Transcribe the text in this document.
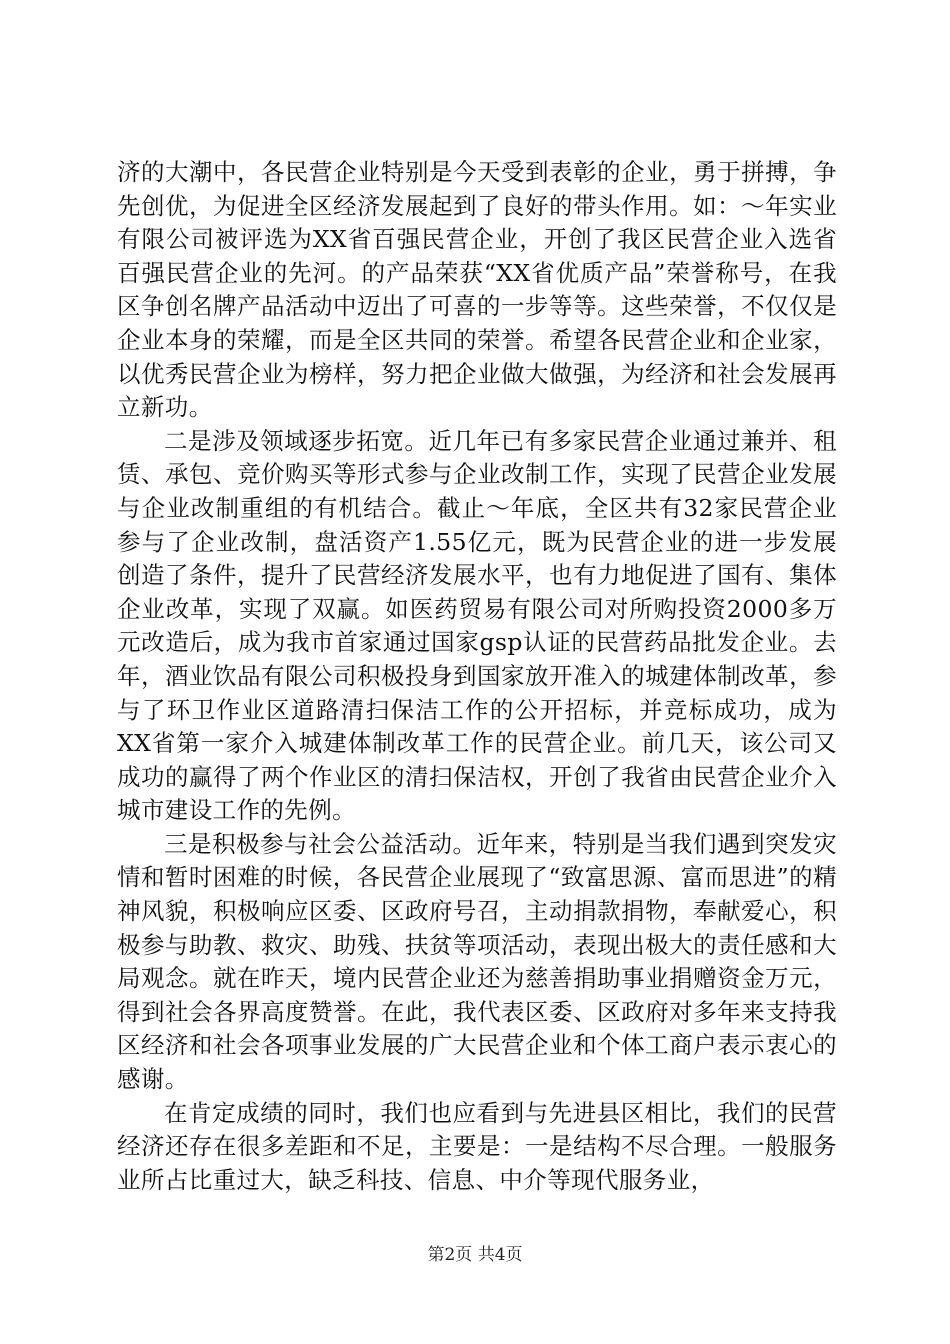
济的大潮中，各民营企业特别是今天受到表彰的企业，勇于拼搏，争先创优，为促进全区经济发展起到了良好的带头作用。如：～年实业有限公司被评选为XX省百强民营企业，开创了我区民营企业入选省百强民营企业的先河。的产品荣获“XX省优质产品”荣誉称号，在我区争创名牌产品活动中迈出了可喜的一步等等。这些荣誉，不仅仅是企业本身的荣耀，而是全区共同的荣誉。希望各民营企业和企业家，以优秀民营企业为榜样，努力把企业做大做强，为经济和社会发展再立新功。

二是涉及领域逐步拓宽。近几年已有多家民营企业通过兼并、租赁、承包、竞价购买等形式参与企业改制工作，实现了民营企业发展与企业改制重组的有机结合。截止～年底，全区共有32家民营企业参与了企业改制，盘活资产1.55亿元，既为民营企业的进一步发展创造了条件，提升了民营经济发展水平，也有力地促进了国有、集体企业改革，实现了双赢。如医药贸易有限公司对所购投资2000多万元改造后，成为我市首家通过国家gsp认证的民营药品批发企业。去年，酒业饮品有限公司积极投身到国家放开准入的城建体制改革，参与了环卫作业区道路清扫保洁工作的公开招标，并竞标成功，成为XX省第一家介入城建体制改革工作的民营企业。前几天，该公司又成功的赢得了两个作业区的清扫保洁权，开创了我省由民营企业介入城市建设工作的先例。

三是积极参与社会公益活动。近年来，特别是当我们遇到突发灾情和暂时困难的时候，各民营企业展现了“致富思源、富而思进”的精神风貌，积极响应区委、区政府号召，主动捐款捐物，奉献爱心，积极参与助教、救灾、助残、扶贫等项活动，表现出极大的责任感和大局观念。就在昨天，境内民营企业还为慈善捐助事业捐赠资金万元，得到社会各界高度赞誉。在此，我代表区委、区政府对多年来支持我区经济和社会各项事业发展的广大民营企业和个体工商户表示衷心的感谢。

在肯定成绩的同时，我们也应看到与先进县区相比，我们的民营经济还存在很多差距和不足，主要是：一是结构不尽合理。一般服务业所占比重过大，缺乏科技、信息、中介等现代服务业，

第2页 共4页
